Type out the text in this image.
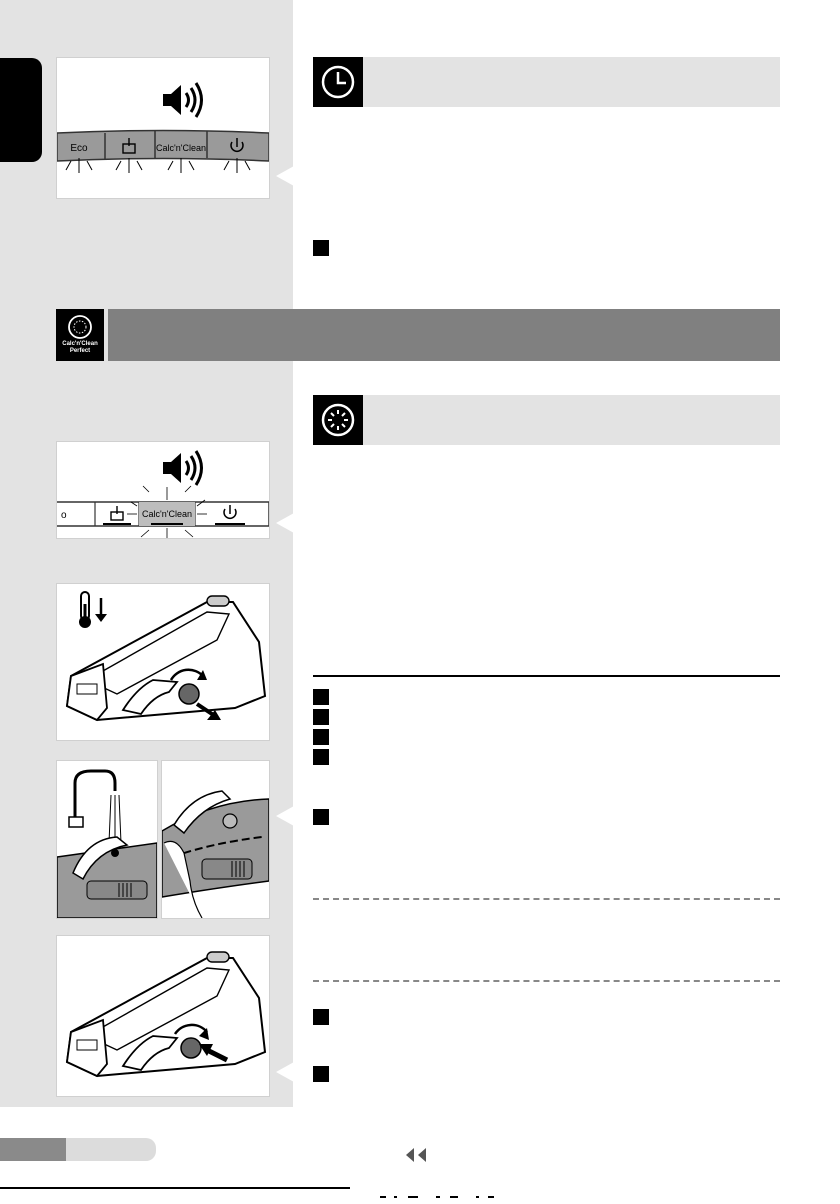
Eco	Calc'n'Clean
Calc'n'Clean
Perfect
o	Calc'n'Clean
